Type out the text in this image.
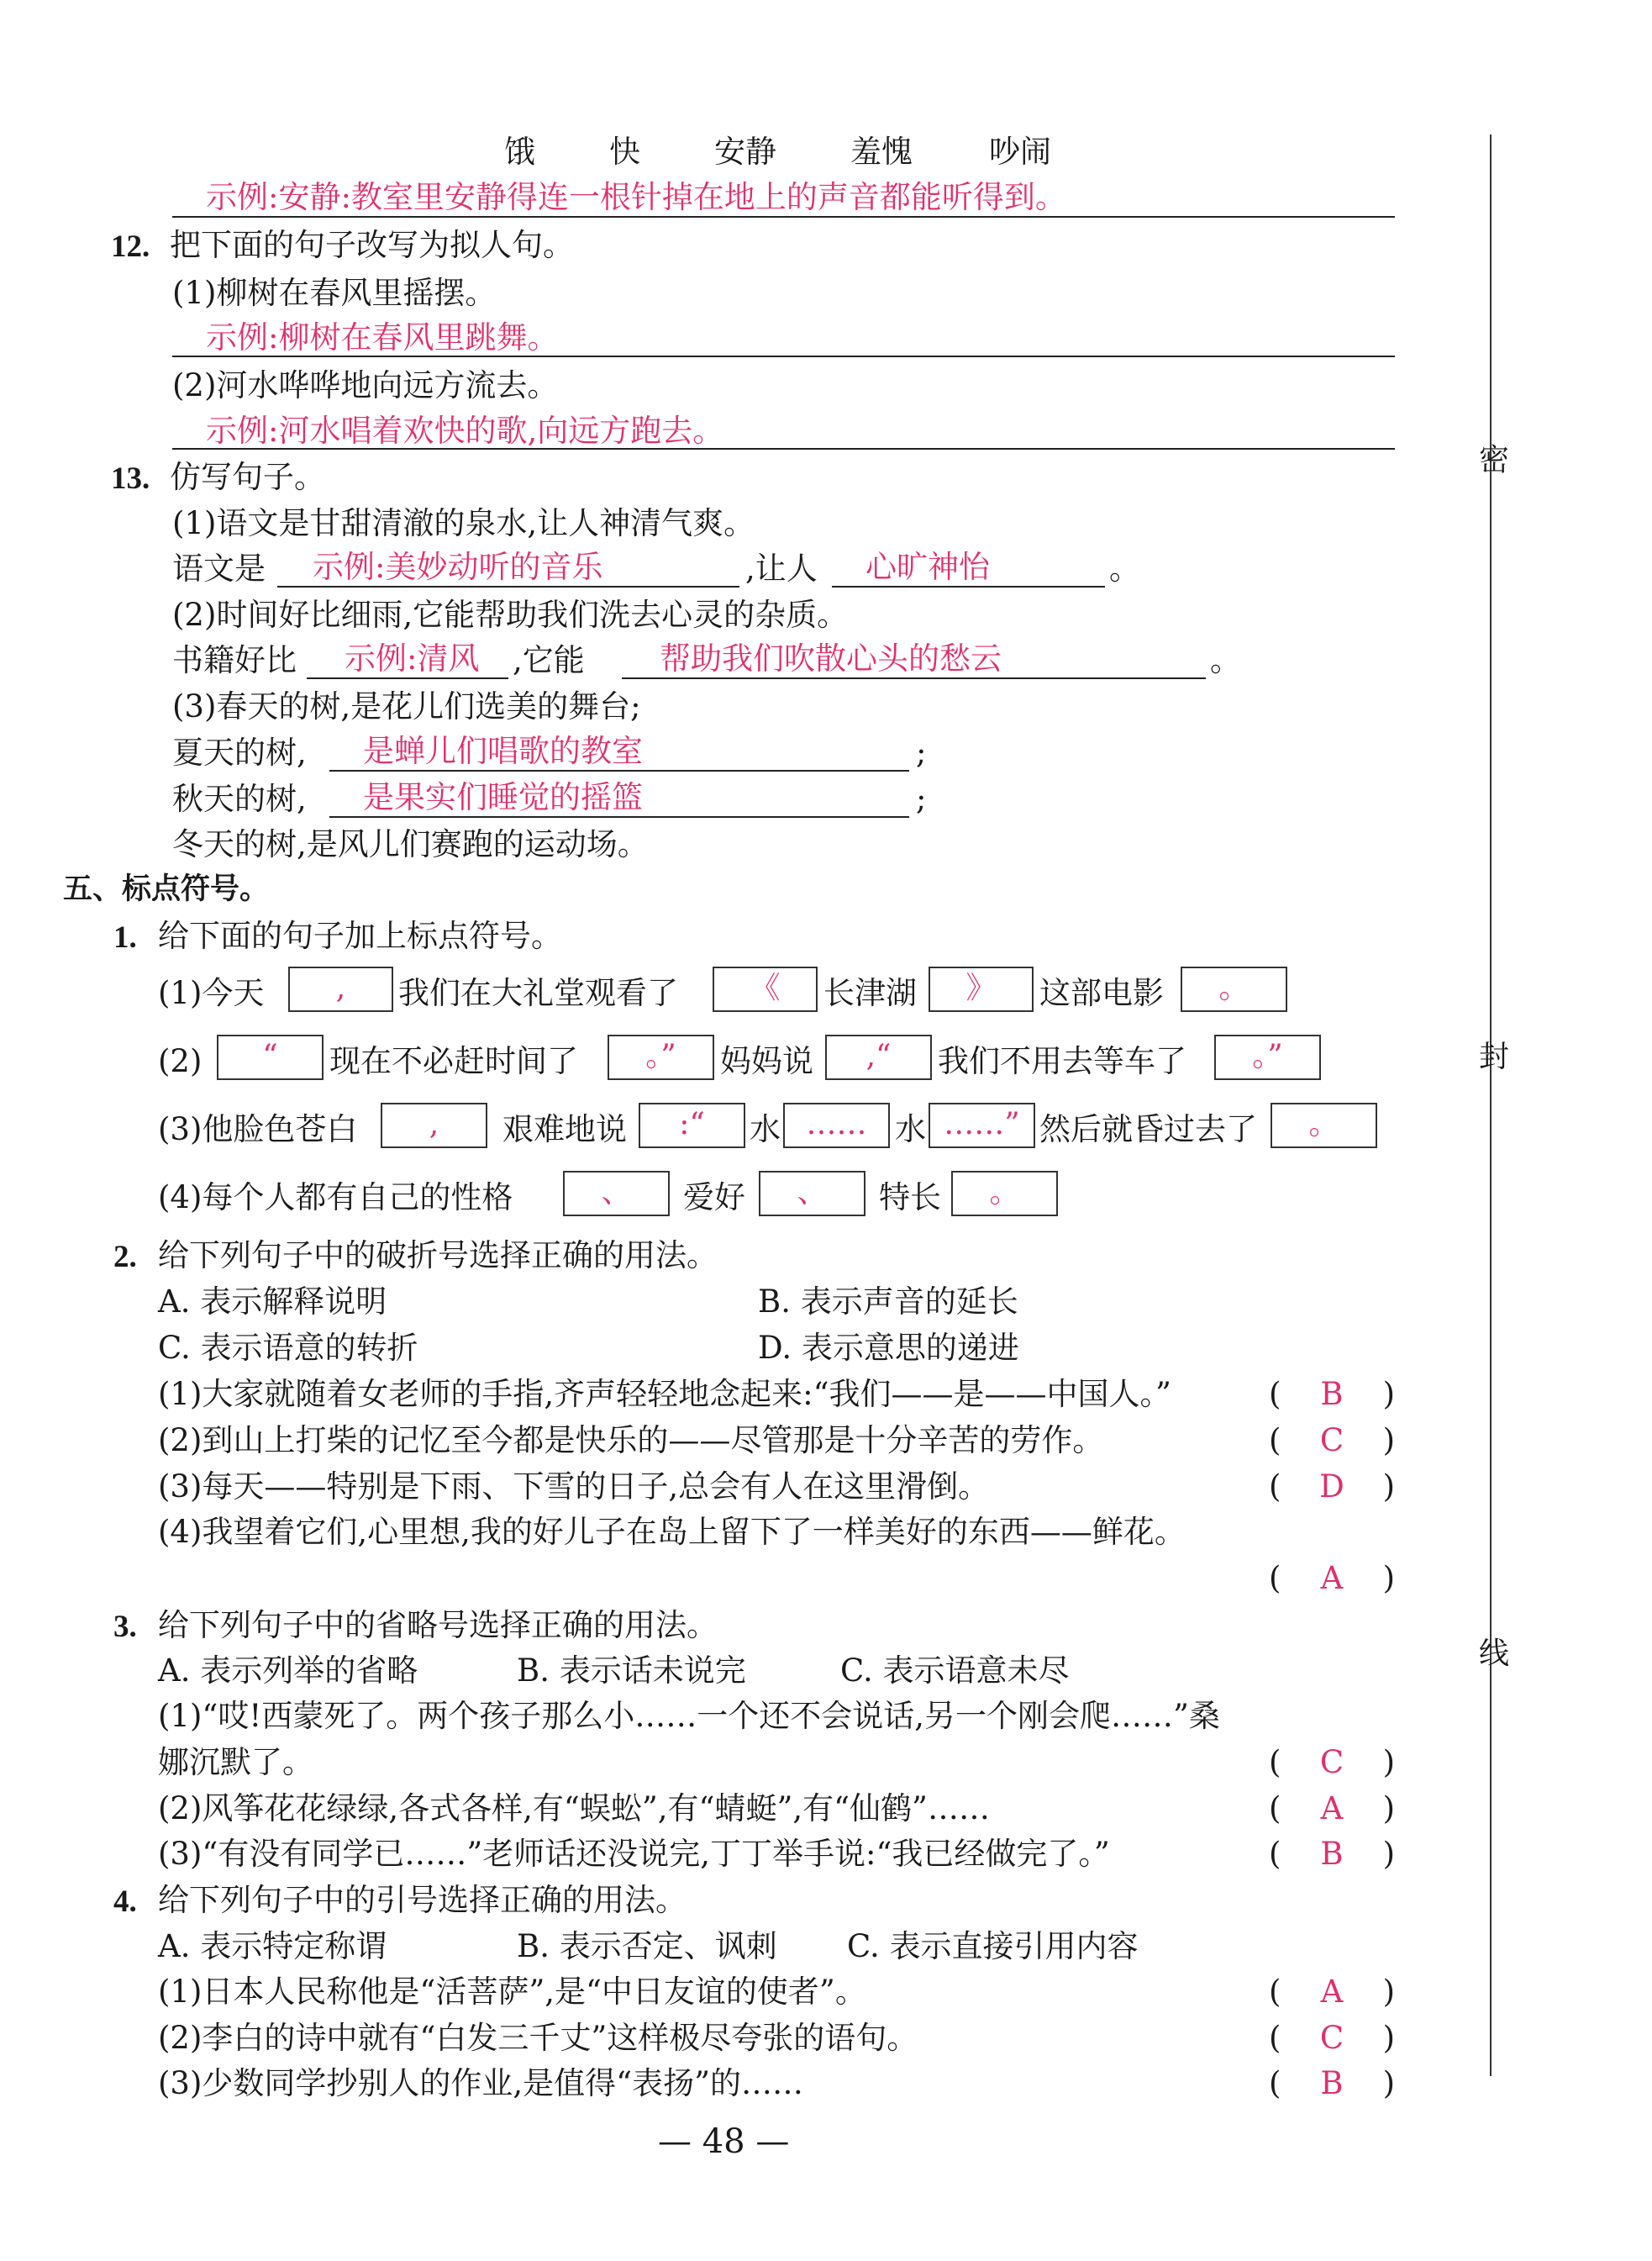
密
封
线
饿 快 安静 羞愧 吵闹
示例:安静:教室里安静得连一根针掉在地上的声音都能听得到。
12. 把下面的句子改写为拟人句。
(1)柳树在春风里摇摆。
示例:柳树在春风里跳舞。
(2)河水哗哗地向远方流去。
示例:河水唱着欢快的歌,向远方跑去。
13. 仿写句子。
(1)语文是甘甜清澈的泉水,让人神清气爽。
语文是 示例:美妙动听的音乐	,让人 心旷神怡	。
(2)时间好比细雨,它能帮助我们洗去心灵的杂质。
书籍好比 示例:清风 ,它能 帮助我们吹散心头的愁云	。
(3)春天的树,是花儿们选美的舞台;
夏天的树, 是蝉儿们唱歌的教室	;
秋天的树, 是果实们睡觉的摇篮	;
冬天的树,是风儿们赛跑的运动场。
五、标点符号。
1. 给下面的句子加上标点符号。
(1)今天	,	我们在大礼堂观看了	《	长津湖	》	这部电影	。
(2)	“	现在不必赶时间了	。”	妈妈说	,“	我们不用去等车了	。”
(3)他脸色苍白	,	艰难地说	:“	水 …… 水 ……” 然后就昏过去了	。
(4)每个人都有自己的性格	、	爱好	、	特长	。
2. 给下列句子中的破折号选择正确的用法。
A. 表示解释说明	B. 表示声音的延长
C. 表示语意的转折	D. 表示意思的递进
(1)大家就随着女老师的手指,齐声轻轻地念起来:“我们——是——中国人。”	( B )
(2)到山上打柴的记忆至今都是快乐的——尽管那是十分辛苦的劳作。	( C )
(3)每天——特别是下雨、下雪的日子,总会有人在这里滑倒。	( D )
(4)我望着它们,心里想,我的好儿子在岛上留下了一样美好的东西——鲜花。
( A )
3. 给下列句子中的省略号选择正确的用法。
A. 表示列举的省略	B. 表示话未说完	C. 表示语意未尽
(1)“哎!西蒙死了。两个孩子那么小……一个还不会说话,另一个刚会爬……”桑
娜沉默了。	( C )
(2)风筝花花绿绿,各式各样,有“蜈蚣”,有“蜻蜓”,有“仙鹤”……	( A )
(3)“有没有同学已……”老师话还没说完,丁丁举手说:“我已经做完了。”	( B )
4. 给下列句子中的引号选择正确的用法。
A. 表示特定称谓	B. 表示否定、讽刺 C. 表示直接引用内容
(1)日本人民称他是“活菩萨”,是“中日友谊的使者”。	( A )
(2)李白的诗中就有“白发三千丈”这样极尽夸张的语句。	( C )
(3)少数同学抄别人的作业,是值得“表扬”的……	( B )
— 48 —
